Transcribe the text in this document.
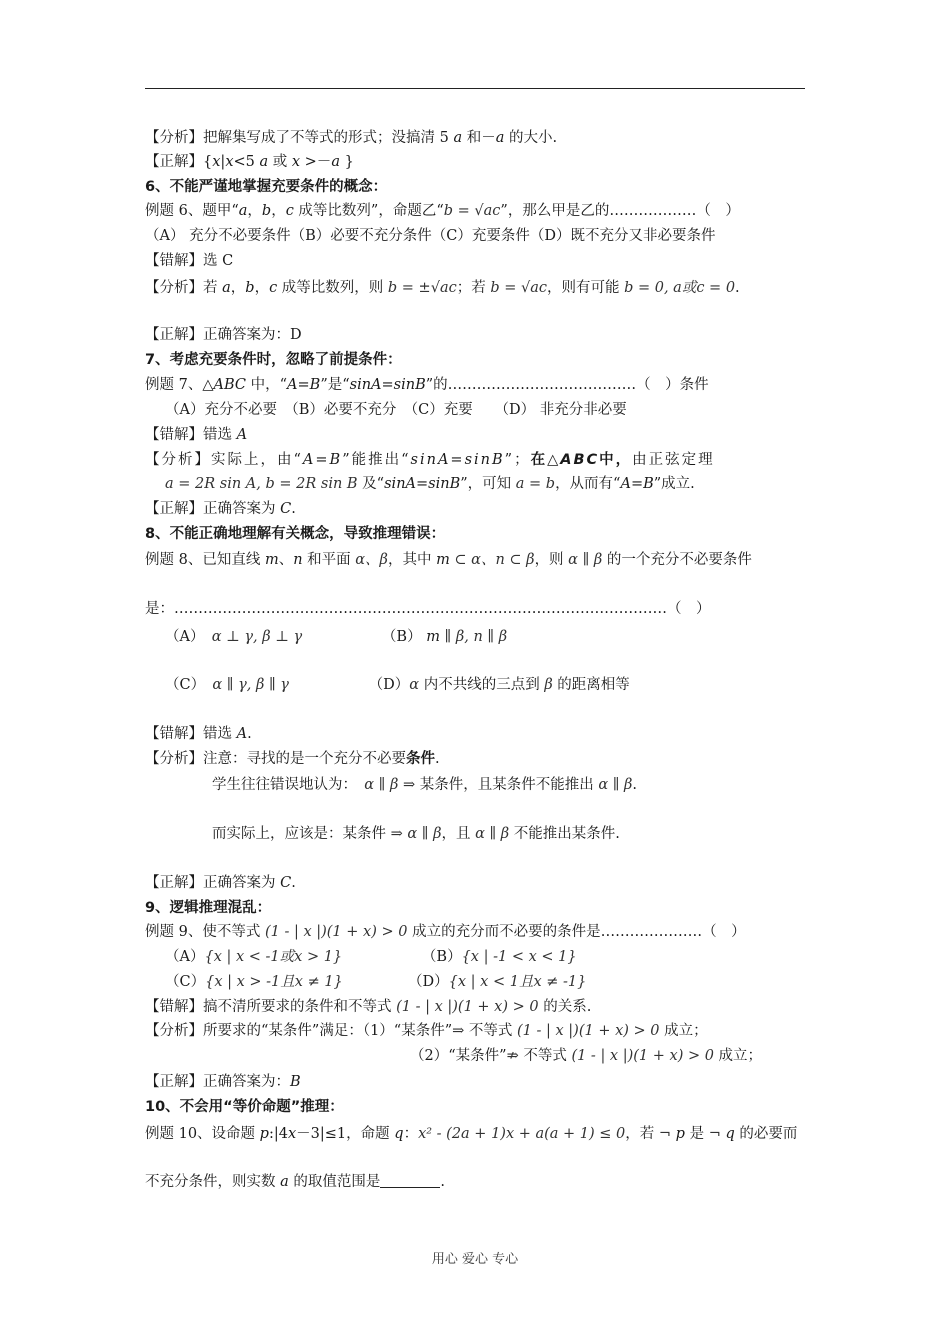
【分析】把解集写成了不等式的形式；没搞清 5 a 和－a 的大小.
【正解】{x|x<5 a 或 x >－a }
6、不能严谨地掌握充要条件的概念：
例题 6、题甲“a，b，c 成等比数列”，命题乙“b = √ac”，那么甲是乙的………………（　）
（A） 充分不必要条件（B）必要不充分条件（C）充要条件（D）既不充分又非必要条件
【错解】选 C
【分析】若 a，b，c 成等比数列，则 b = ±√ac；若 b = √ac，则有可能 b = 0, a或c = 0.
【正解】正确答案为：D
7、考虑充要条件时，忽略了前提条件：
例题 7、△ABC 中，“A=B”是“sinA=sinB”的…………………………………（　）条件
（A）充分不必要　（B）必要不充分　（C）充要　　（D） 非充分非必要
【错解】错选 A
【分析】实际上，由“A=B”能推出“sinA=sinB”；在△ABC中，由正弦定理
a = 2R sin A, b = 2R sin B 及“sinA=sinB”，可知 a = b，从而有“A=B”成立.
【正解】正确答案为 C.
8、不能正确地理解有关概念，导致推理错误：
例题 8、已知直线 m、n 和平面 α、β，其中 m ⊂ α、n ⊂ β，则 α ∥ β 的一个充分不必要条件
是：…………………………………………………………………………………………（　）
（A）　α ⊥ γ, β ⊥ γ　　　　　　（B） m ∥ β, n ∥ β
（C）　α ∥ γ, β ∥ γ　　　　　　（D）α 内不共线的三点到 β 的距离相等
【错解】错选 A.
【分析】注意：寻找的是一个充分不必要条件.
学生往往错误地认为：　α ∥ β ⇒ 某条件，且某条件不能推出 α ∥ β.
而实际上，应该是：某条件 ⇒ α ∥ β，且 α ∥ β 不能推出某条件.
【正解】正确答案为 C.
9、逻辑推理混乱：
例题 9、使不等式 (1 - | x |)(1 + x) > 0 成立的充分而不必要的条件是…………………（　）
（A）{x | x < -1或x > 1}　　　　　　（B）{x | -1 < x < 1}
（C）{x | x > -1且x ≠ 1}　　　　　（D）{x | x < 1且x ≠ -1}
【错解】搞不清所要求的条件和不等式 (1 - | x |)(1 + x) > 0 的关系.
【分析】所要求的“某条件”满足：（1）“某条件”⇒ 不等式 (1 - | x |)(1 + x) > 0 成立；
（2）“某条件”⇏ 不等式 (1 - | x |)(1 + x) > 0 成立；
【正解】正确答案为：B
10、不会用“等价命题”推理：
例题 10、设命题 p:|4x－3|≤1，命题 q：x² - (2a + 1)x + a(a + 1) ≤ 0，若 ¬ p 是 ¬ q 的必要而
不充分条件，则实数 a 的取值范围是	.
用心 爱心 专心
